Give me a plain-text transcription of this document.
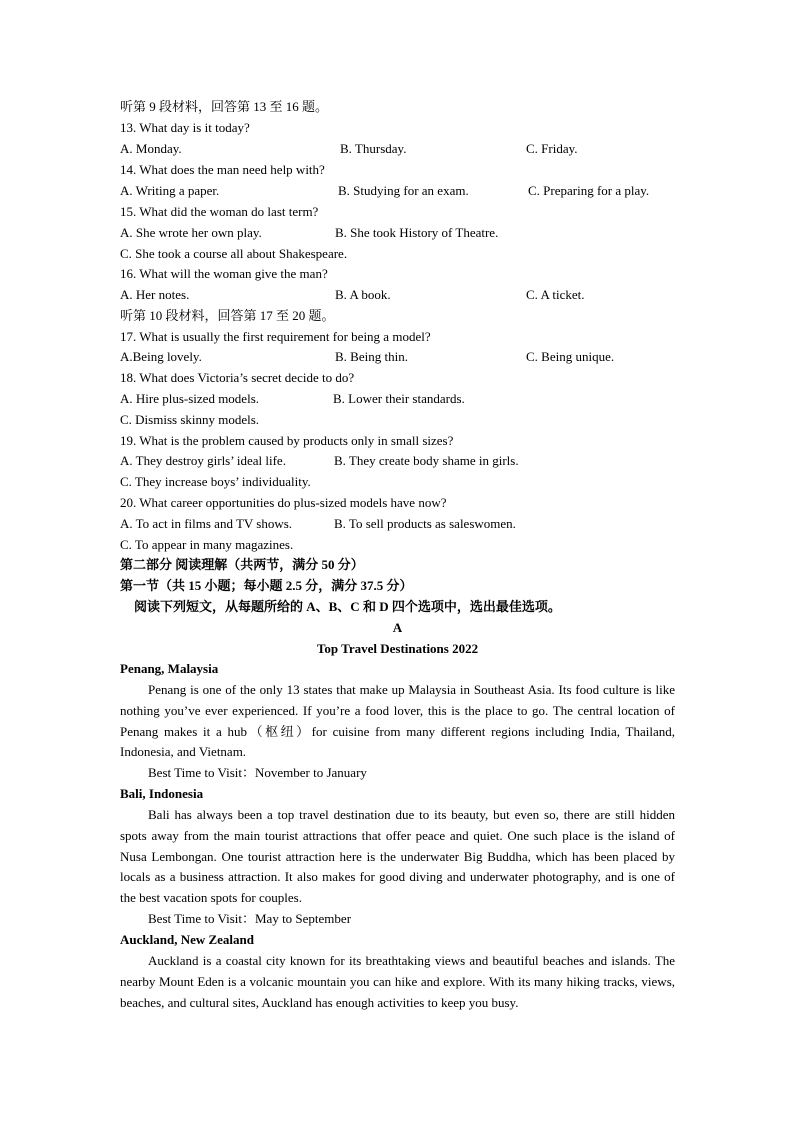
听第 9 段材料，回答第 13 至 16 题。
13. What day is it today?
A. Monday.	B. Thursday.	C. Friday.
14. What does the man need help with?
A. Writing a paper.	B. Studying for an exam.	C. Preparing for a play.
15. What did the woman do last term?
A. She wrote her own play.	B. She took History of Theatre.
C. She took a course all about Shakespeare.
16. What will the woman give the man?
A. Her notes.	B. A book.	C. A ticket.
听第 10 段材料，回答第 17 至 20 题。
17. What is usually the first requirement for being a model?
A.Being lovely.	B. Being thin.	C. Being unique.
18. What does Victoria’s secret decide to do?
A. Hire plus-sized models.	B. Lower their standards.
C. Dismiss skinny models.
19. What is the problem caused by products only in small sizes?
A. They destroy girls’ ideal life.	B. They create body shame in girls.
C. They increase boys’ individuality.
20. What career opportunities do plus-sized models have now?
A. To act in films and TV shows.	B. To sell products as saleswomen.
C. To appear in many magazines.
第二部分 阅读理解（共两节，满分 50 分）
第一节（共 15 小题；每小题 2.5 分，满分 37.5 分）
阅读下列短文，从每题所给的 A、B、C 和 D 四个选项中，选出最佳选项。
A
Top Travel Destinations 2022
Penang, Malaysia
Penang is one of the only 13 states that make up Malaysia in Southeast Asia. Its food culture is like nothing you’ve ever experienced. If you’re a food lover, this is the place to go. The central location of Penang makes it a hub（枢纽）for cuisine from many different regions including India, Thailand, Indonesia, and Vietnam.
Best Time to Visit：November to January
Bali, Indonesia
Bali has always been a top travel destination due to its beauty, but even so, there are still hidden spots away from the main tourist attractions that offer peace and quiet. One such place is the island of Nusa Lembongan. One tourist attraction here is the underwater Big Buddha, which has been placed by locals as a business attraction. It also makes for good diving and underwater photography, and is one of the best vacation spots for couples.
Best Time to Visit：May to September
Auckland, New Zealand
Auckland is a coastal city known for its breathtaking views and beautiful beaches and islands. The nearby Mount Eden is a volcanic mountain you can hike and explore. With its many hiking tracks, views, beaches, and cultural sites, Auckland has enough activities to keep you busy.
